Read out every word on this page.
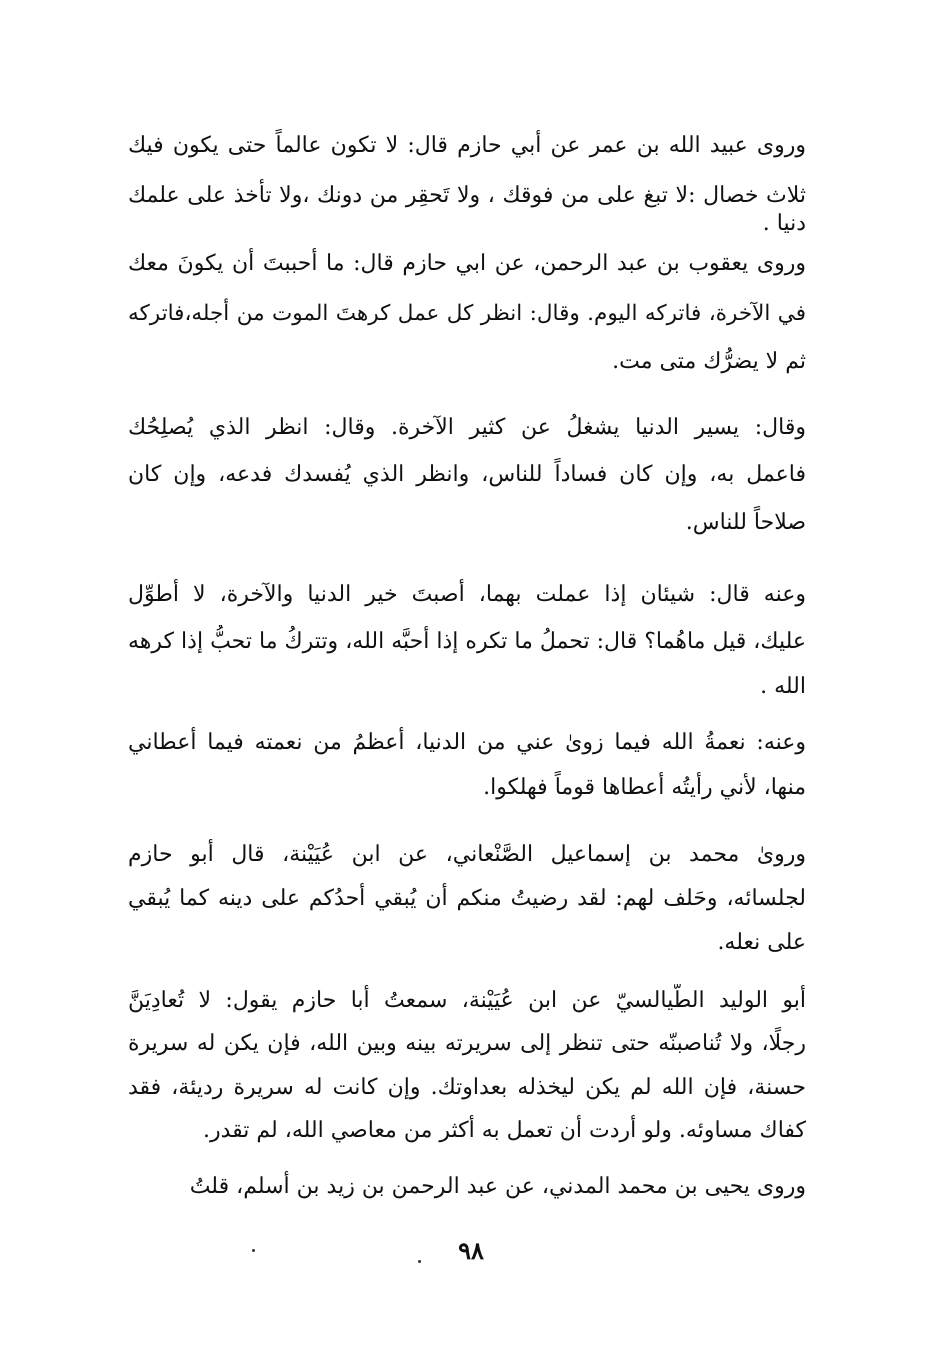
وروى عبيد الله بن عمر عن أبي حازم قال: لا تكون عالماً حتى يكون فيك
ثلاث خصال :لا تبغ على من فوقك ، ولا تَحقِر من دونك ،ولا تأخذ على علمك
دنيا .
وروى يعقوب بن عبد الرحمن، عن ابي حازم قال: ما أحببتَ أن يكونَ معك
في الآخرة، فاتركه اليوم. وقال: انظر كل عمل كرهتَ الموت من أجله،فاتركه
ثم لا يضرُّك متى مت.
وقال: يسير الدنيا يشغلُ عن كثير الآخرة. وقال: انظر الذي يُصلِحُك
فاعمل به، وإن كان فساداً للناس، وانظر الذي يُفسدك فدعه، وإن كان
صلاحاً للناس.
وعنه قال: شيئان إذا عملت بهما، أصبتَ خير الدنيا والآخرة، لا أطوِّل
عليك، قيل ماهُما؟ قال: تحملُ ما تكره إذا أحبَّه الله، وتتركُ ما تحبُّ إذا كرهه
الله .
وعنه: نعمةُ الله فيما زوىٰ عني من الدنيا، أعظمُ من نعمته فيما أعطاني
منها، لأني رأيتُه أعطاها قوماً فهلكوا.
وروىٰ محمد بن إسماعيل الصَّنْعاني، عن ابن عُيَيْنة، قال أبو حازم
لجلسائه، وحَلف لهم: لقد رضيتُ منكم أن يُبقي أحدُكم على دينه كما يُبقي
على نعله.
أبو الوليد الطَّيالسيّ عن ابن عُيَيْنة، سمعتُ أبا حازم يقول: لا تُعادِيَنَّ
رجلًا، ولا تُناصبنّه حتى تنظر إلى سريرته بينه وبين الله، فإن يكن له سريرة
حسنة، فإن الله لم يكن ليخذله بعداوتك. وإن كانت له سريرة رديئة، فقد
كفاك مساوئه. ولو أردت أن تعمل به أكثر من معاصي الله، لم تقدر.
وروى يحيى بن محمد المدني، عن عبد الرحمن بن زيد بن أسلم، قلتُ
٩٨
